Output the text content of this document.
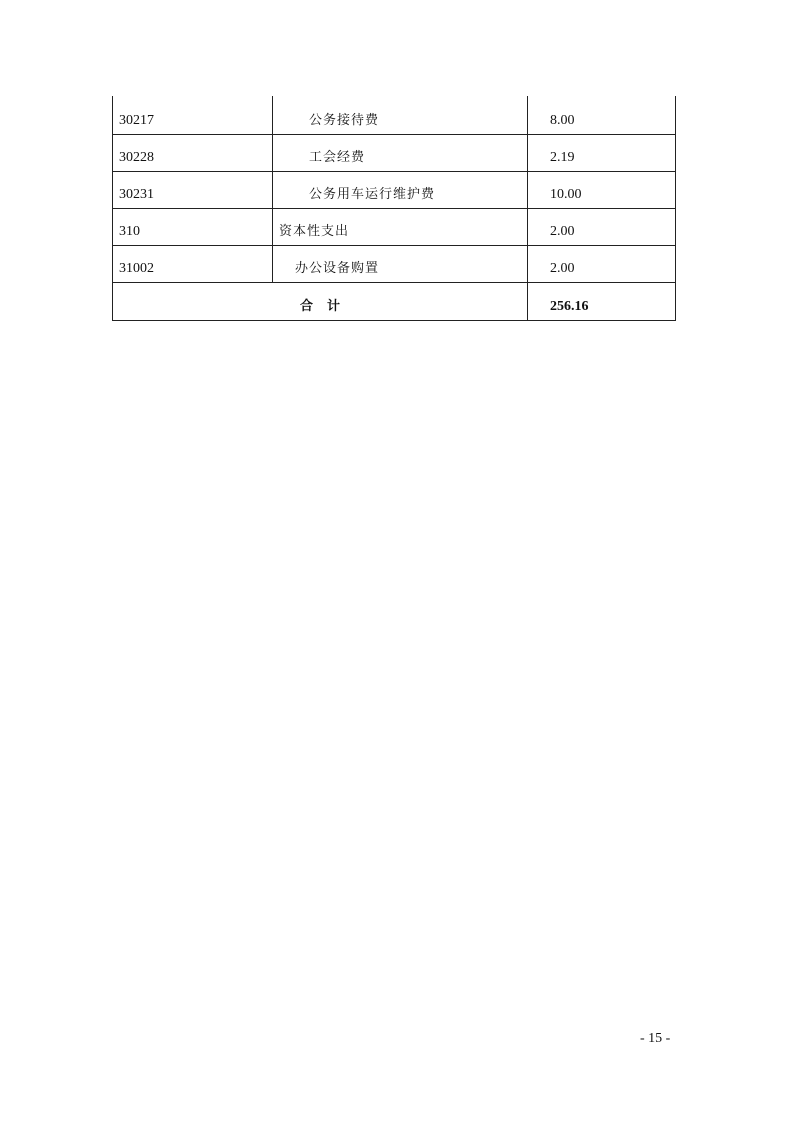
30217	公务接待费	8.00

30228	工会经费	2.19

30231	公务用车运行维护费	10.00

310	资本性支出	2.00

31002	办公设备购置	2.00

合计		256.16
- 15 -
